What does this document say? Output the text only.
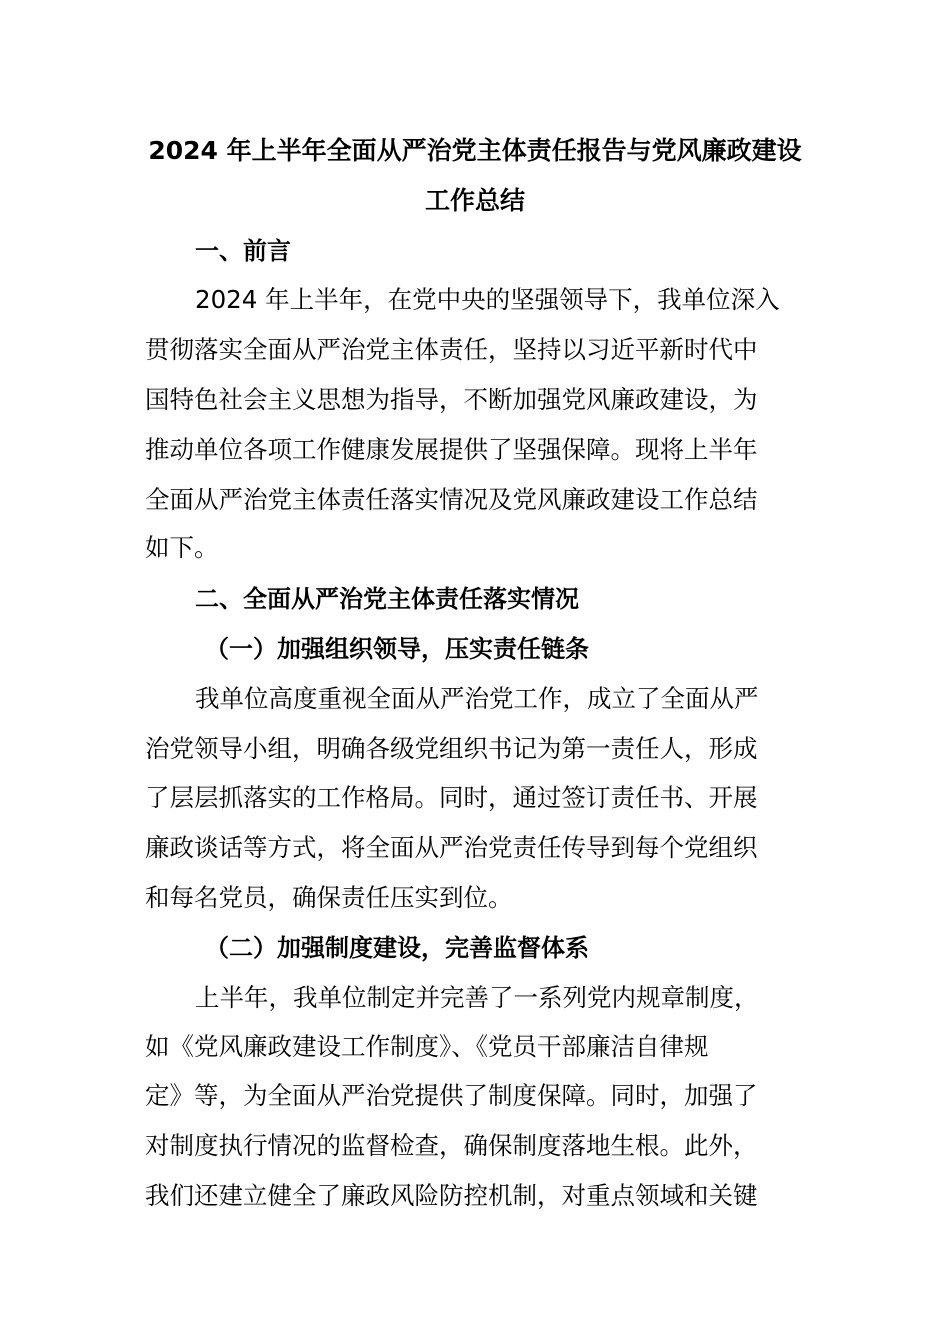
2024 年上半年全面从严治党主体责任报告与党风廉政建设
工作总结
一、前言
2024 年上半年，在党中央的坚强领导下，我单位深入
贯彻落实全面从严治党主体责任，坚持以习近平新时代中
国特色社会主义思想为指导，不断加强党风廉政建设，为
推动单位各项工作健康发展提供了坚强保障。现将上半年
全面从严治党主体责任落实情况及党风廉政建设工作总结
如下。
二、全面从严治党主体责任落实情况
（一）加强组织领导，压实责任链条
我单位高度重视全面从严治党工作，成立了全面从严
治党领导小组，明确各级党组织书记为第一责任人，形成
了层层抓落实的工作格局。同时，通过签订责任书、开展
廉政谈话等方式，将全面从严治党责任传导到每个党组织
和每名党员，确保责任压实到位。
（二）加强制度建设，完善监督体系
上半年，我单位制定并完善了一系列党内规章制度，
如《党风廉政建设工作制度》、《党员干部廉洁自律规
定》等，为全面从严治党提供了制度保障。同时，加强了
对制度执行情况的监督检查，确保制度落地生根。此外，
我们还建立健全了廉政风险防控机制，对重点领域和关键
